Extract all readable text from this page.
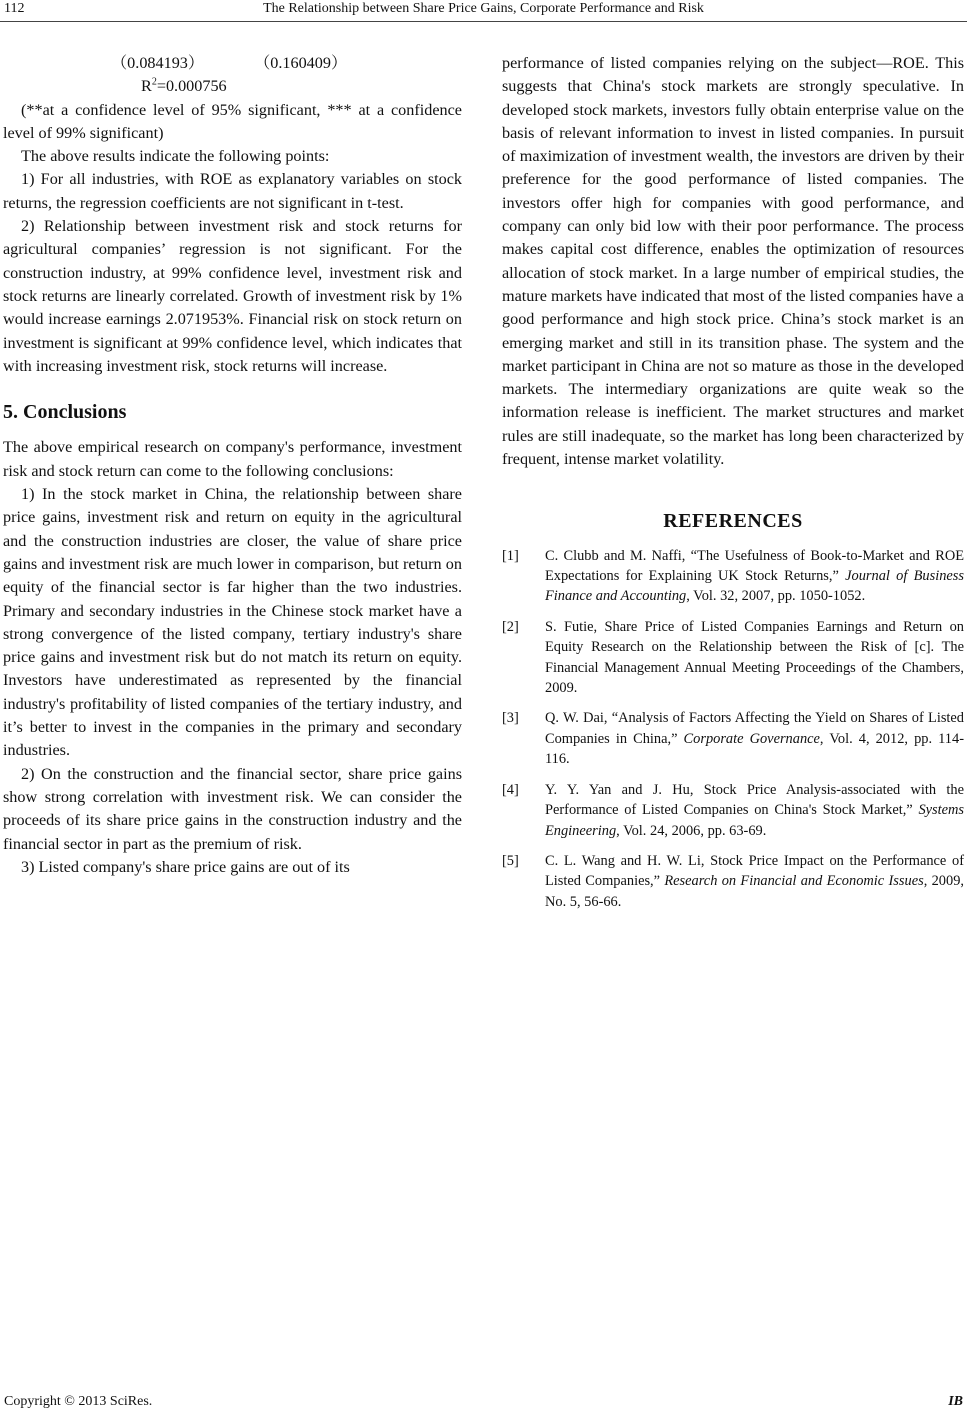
112	The Relationship between Share Price Gains, Corporate Performance and Risk

（0.084193）	（0.160409）

$R^2=0.000756$

(**at a confidence level of 95% significant, *** at a confidence level of 99% significant)

The above results indicate the following points:

1) For all industries, with ROE as explanatory variables on stock returns, the regression coefficients are not significant in t-test.

2) Relationship between investment risk and stock returns for agricultural companies’ regression is not significant. For the construction industry, at 99% confidence level, investment risk and stock returns are linearly correlated. Growth of investment risk by 1% would increase earnings 2.071953%. Financial risk on stock return on investment is significant at 99% confidence level, which indicates that with increasing investment risk, stock returns will increase.

5. Conclusions

The above empirical research on company's performance, investment risk and stock return can come to the following conclusions:

1) In the stock market in China, the relationship between share price gains, investment risk and return on equity in the agricultural and the construction industries are closer, the value of share price gains and investment risk are much lower in comparison, but return on equity of the financial sector is far higher than the two industries. Primary and secondary industries in the Chinese stock market have a strong convergence of the listed company, tertiary industry's share price gains and investment risk but do not match its return on equity. Investors have underestimated as represented by the financial industry's profitability of listed companies of the tertiary industry, and it’s better to invest in the companies in the primary and secondary industries.

2) On the construction and the financial sector, share price gains show strong correlation with investment risk. We can consider the proceeds of its share price gains in the construction industry and the financial sector in part as the premium of risk.

3) Listed company's share price gains are out of its

performance of listed companies relying on the subject—ROE. This suggests that China's stock markets are strongly speculative. In developed stock markets, investors fully obtain enterprise value on the basis of relevant information to invest in listed companies. In pursuit of maximization of investment wealth, the investors are driven by their preference for the good performance of listed companies. The investors offer high for companies with good performance, and company can only bid low with their poor performance. The process makes capital cost difference, enables the optimization of resources allocation of stock market. In a large number of empirical studies, the mature markets have indicated that most of the listed companies have a good performance and high stock price. China’s stock market is an emerging market and still in its transition phase. The system and the market participant in China are not so mature as those in the developed markets. The intermediary organizations are quite weak so the information release is inefficient. The market structures and market rules are still inadequate, so the market has long been characterized by frequent, intense market volatility.

REFERENCES
[1] C. Clubb and M. Naffi, “The Usefulness of Book-to-Market and ROE Expectations for Explaining UK Stock Returns,” Journal of Business Finance and Accounting, Vol. 32, 2007, pp. 1050-1052.
[2] S. Futie, Share Price of Listed Companies Earnings and Return on Equity Research on the Relationship between the Risk of [c]. The Financial Management Annual Meeting Proceedings of the Chambers, 2009.
[3] Q. W. Dai, “Analysis of Factors Affecting the Yield on Shares of Listed Companies in China,” Corporate Governance, Vol. 4, 2012, pp. 114-116.
[4] Y. Y. Yan and J. Hu, Stock Price Analysis-associated with the Performance of Listed Companies on China's Stock Market,” Systems Engineering, Vol. 24, 2006, pp. 63-69.
[5] C. L. Wang and H. W. Li, Stock Price Impact on the Performance of Listed Companies,” Research on Financial and Economic Issues, 2009, No. 5, 56-66.
Copyright © 2013 SciRes.	IB
